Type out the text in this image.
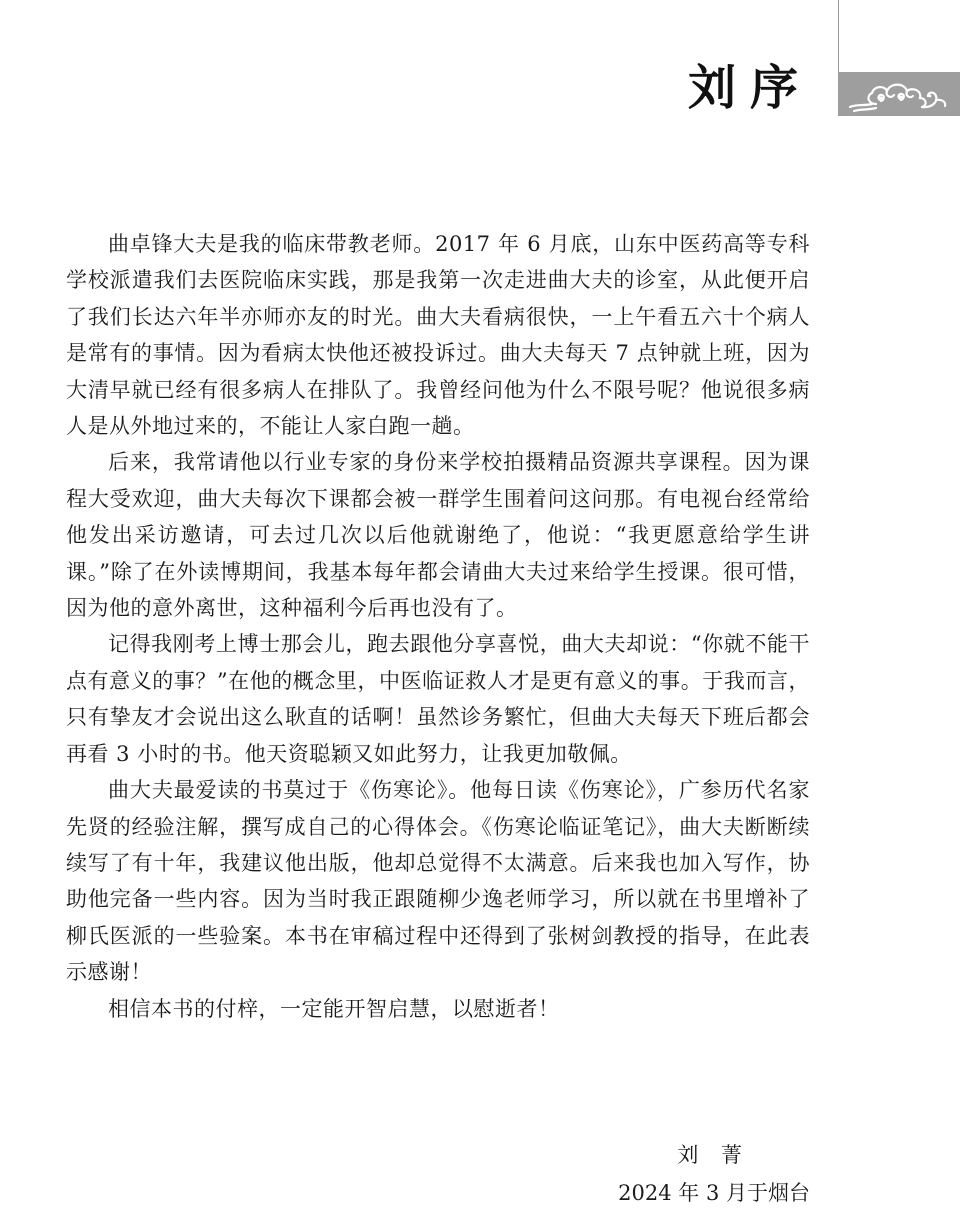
刘序

曲卓锋大夫是我的临床带教老师。2017 年 6 月底，山东中医药高等专科学校派遣我们去医院临床实践，那是我第一次走进曲大夫的诊室，从此便开启了我们长达六年半亦师亦友的时光。曲大夫看病很快，一上午看五六十个病人是常有的事情。因为看病太快他还被投诉过。曲大夫每天 7 点钟就上班，因为大清早就已经有很多病人在排队了。我曾经问他为什么不限号呢？他说很多病人是从外地过来的，不能让人家白跑一趟。

后来，我常请他以行业专家的身份来学校拍摄精品资源共享课程。因为课程大受欢迎，曲大夫每次下课都会被一群学生围着问这问那。有电视台经常给他发出采访邀请，可去过几次以后他就谢绝了，他说：“我更愿意给学生讲课。”除了在外读博期间，我基本每年都会请曲大夫过来给学生授课。很可惜，因为他的意外离世，这种福利今后再也没有了。

记得我刚考上博士那会儿，跑去跟他分享喜悦，曲大夫却说：“你就不能干点有意义的事？”在他的概念里，中医临证救人才是更有意义的事。于我而言，只有挚友才会说出这么耿直的话啊！虽然诊务繁忙，但曲大夫每天下班后都会再看 3 小时的书。他天资聪颖又如此努力，让我更加敬佩。

曲大夫最爱读的书莫过于《伤寒论》。他每日读《伤寒论》，广参历代名家先贤的经验注解，撰写成自己的心得体会。《伤寒论临证笔记》，曲大夫断断续续写了有十年，我建议他出版，他却总觉得不太满意。后来我也加入写作，协助他完备一些内容。因为当时我正跟随柳少逸老师学习，所以就在书里增补了柳氏医派的一些验案。本书在审稿过程中还得到了张树剑教授的指导，在此表示感谢！

相信本书的付梓，一定能开智启慧，以慰逝者！

刘 菁
2024 年 3 月于烟台
